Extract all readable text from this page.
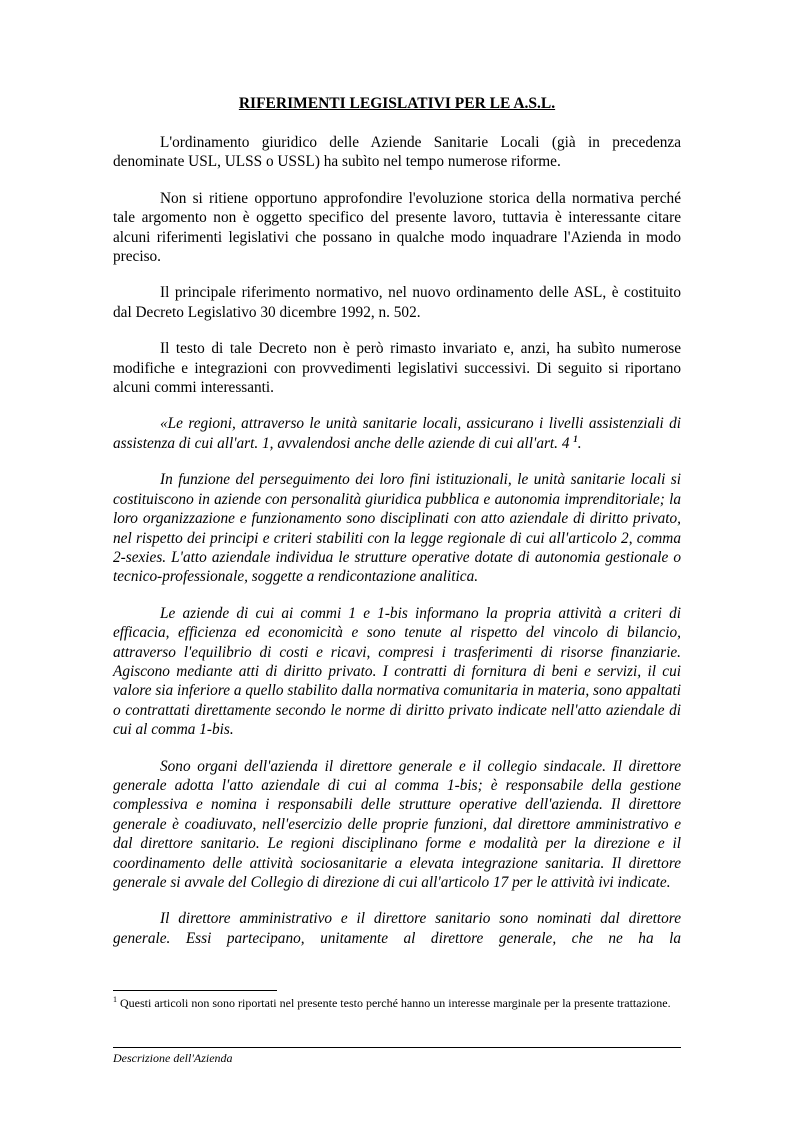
RIFERIMENTI LEGISLATIVI PER LE A.S.L.

L'ordinamento giuridico delle Aziende Sanitarie Locali (già in precedenza denominate USL, ULSS o USSL) ha subìto nel tempo numerose riforme.

Non si ritiene opportuno approfondire l'evoluzione storica della normativa perché tale argomento non è oggetto specifico del presente lavoro, tuttavia è interessante citare alcuni riferimenti legislativi che possano in qualche modo inquadrare l'Azienda in modo preciso.

Il principale riferimento normativo, nel nuovo ordinamento delle ASL, è costituito dal Decreto Legislativo 30 dicembre 1992, n. 502.

Il testo di tale Decreto non è però rimasto invariato e, anzi, ha subìto numerose modifiche e integrazioni con provvedimenti legislativi successivi. Di seguito si riportano alcuni commi interessanti.

«Le regioni, attraverso le unità sanitarie locali, assicurano i livelli assistenziali di assistenza di cui all'art. 1, avvalendosi anche delle aziende di cui all'art. 4 $^1$.

In funzione del perseguimento dei loro fini istituzionali, le unità sanitarie locali si costituiscono in aziende con personalità giuridica pubblica e autonomia imprenditoriale; la loro organizzazione e funzionamento sono disciplinati con atto aziendale di diritto privato, nel rispetto dei principi e criteri stabiliti con la legge regionale di cui all'articolo 2, comma 2-sexies. L'atto aziendale individua le strutture operative dotate di autonomia gestionale o tecnico-professionale, soggette a rendicontazione analitica.

Le aziende di cui ai commi 1 e 1-bis informano la propria attività a criteri di efficacia, efficienza ed economicità e sono tenute al rispetto del vincolo di bilancio, attraverso l'equilibrio di costi e ricavi, compresi i trasferimenti di risorse finanziarie. Agiscono mediante atti di diritto privato. I contratti di fornitura di beni e servizi, il cui valore sia inferiore a quello stabilito dalla normativa comunitaria in materia, sono appaltati o contrattati direttamente secondo le norme di diritto privato indicate nell'atto aziendale di cui al comma 1-bis.

Sono organi dell'azienda il direttore generale e il collegio sindacale. Il direttore generale adotta l'atto aziendale di cui al comma 1-bis; è responsabile della gestione complessiva e nomina i responsabili delle strutture operative dell'azienda. Il direttore generale è coadiuvato, nell'esercizio delle proprie funzioni, dal direttore amministrativo e dal direttore sanitario. Le regioni disciplinano forme e modalità per la direzione e il coordinamento delle attività sociosanitarie a elevata integrazione sanitaria. Il direttore generale si avvale del Collegio di direzione di cui all'articolo 17 per le attività ivi indicate.

Il direttore amministrativo e il direttore sanitario sono nominati dal direttore generale. Essi partecipano, unitamente al direttore generale, che ne ha la

$^1$ Questi articoli non sono riportati nel presente testo perché hanno un interesse marginale per la presente trattazione.
Descrizione dell'Azienda
